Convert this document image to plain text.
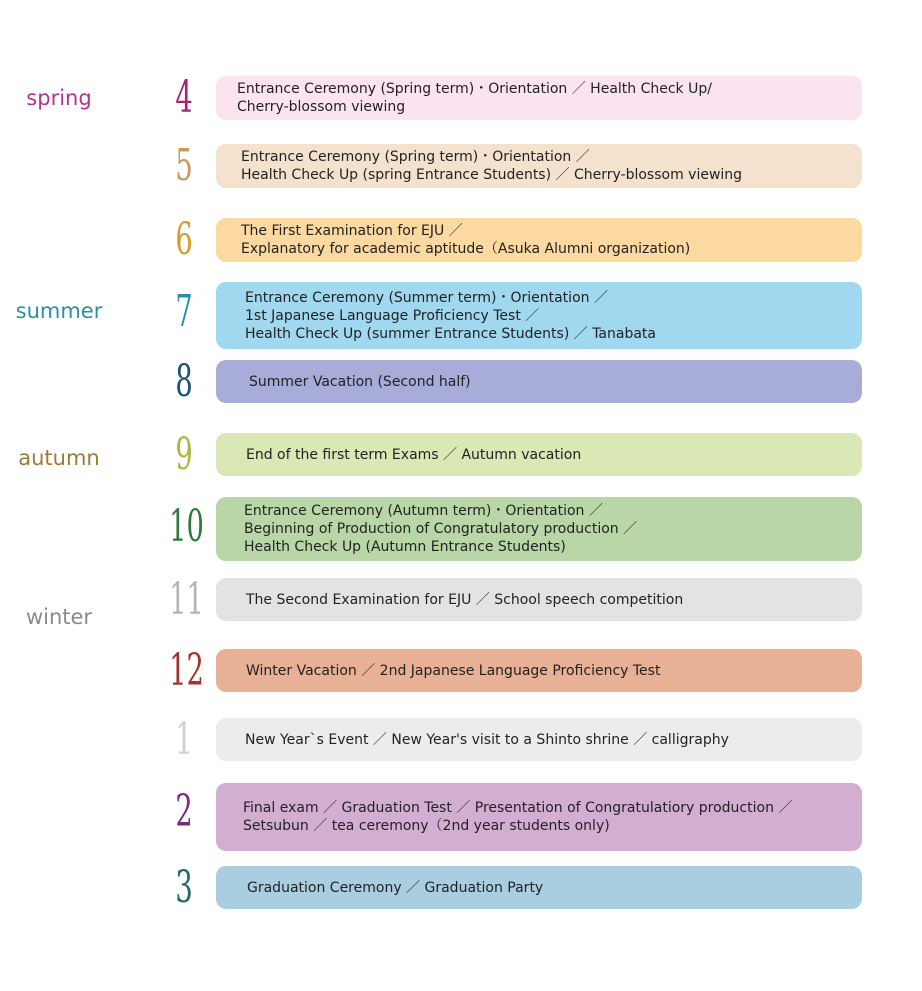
spring
summer
autumn
winter
4	Entrance Ceremony (Spring term)・Orientation ／ Health Check Up/
Cherry-blossom viewing
5	Entrance Ceremony (Spring term)・Orientation ／
Health Check Up (spring Entrance Students) ／ Cherry-blossom viewing
6	The First Examination for EJU ／
Explanatory for academic aptitude（Asuka Alumni organization)
7	Entrance Ceremony (Summer term)・Orientation ／
1st Japanese Language Proficiency Test ／
Health Check Up (summer Entrance Students) ／ Tanabata
8	Summer Vacation (Second half)
9	End of the first term Exams ／ Autumn vacation
10	Entrance Ceremony (Autumn term)・Orientation ／
Beginning of Production of Congratulatory production ／
Health Check Up (Autumn Entrance Students)
11	The Second Examination for EJU ／ School speech competition
12	Winter Vacation ／ 2nd Japanese Language Proficiency Test
1	New Year`s Event ／ New Year's visit to a Shinto shrine ／ calligraphy
2	Final exam ／ Graduation Test ／ Presentation of Congratulatiory production ／
Setsubun ／ tea ceremony（2nd year students only)
3	Graduation Ceremony ／ Graduation Party
